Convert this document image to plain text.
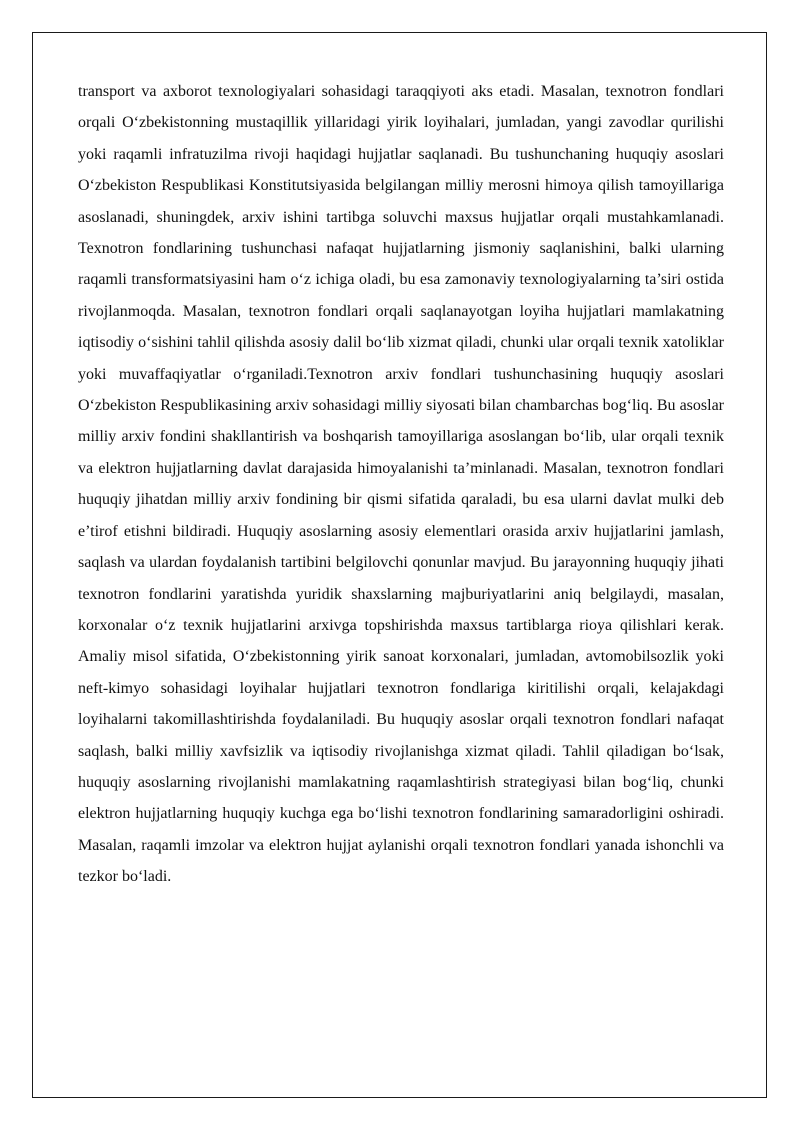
transport va axborot texnologiyalari sohasidagi taraqqiyoti aks etadi. Masalan, texnotron fondlari orqali O‘zbekistonning mustaqillik yillaridagi yirik loyihalari, jumladan, yangi zavodlar qurilishi yoki raqamli infratuzilma rivoji haqidagi hujjatlar saqlanadi. Bu tushunchaning huquqiy asoslari O‘zbekiston Respublikasi Konstitutsiyasida belgilangan milliy merosni himoya qilish tamoyillariga asoslanadi, shuningdek, arxiv ishini tartibga soluvchi maxsus hujjatlar orqali mustahkamlanadi. Texnotron fondlarining tushunchasi nafaqat hujjatlarning jismoniy saqlanishini, balki ularning raqamli transformatsiyasini ham o‘z ichiga oladi, bu esa zamonaviy texnologiyalarning ta’siri ostida rivojlanmoqda. Masalan, texnotron fondlari orqali saqlanayotgan loyiha hujjatlari mamlakatning iqtisodiy o‘sishini tahlil qilishda asosiy dalil bo‘lib xizmat qiladi, chunki ular orqali texnik xatoliklar yoki muvaffaqiyatlar o‘rganiladi.Texnotron arxiv fondlari tushunchasining huquqiy asoslari O‘zbekiston Respublikasining arxiv sohasidagi milliy siyosati bilan chambarchas bog‘liq. Bu asoslar milliy arxiv fondini shakllantirish va boshqarish tamoyillariga asoslangan bo‘lib, ular orqali texnik va elektron hujjatlarning davlat darajasida himoyalanishi ta’minlanadi. Masalan, texnotron fondlari huquqiy jihatdan milliy arxiv fondining bir qismi sifatida qaraladi, bu esa ularni davlat mulki deb e’tirof etishni bildiradi. Huquqiy asoslarning asosiy elementlari orasida arxiv hujjatlarini jamlash, saqlash va ulardan foydalanish tartibini belgilovchi qonunlar mavjud. Bu jarayonning huquqiy jihati texnotron fondlarini yaratishda yuridik shaxslarning majburiyatlarini aniq belgilaydi, masalan, korxonalar o‘z texnik hujjatlarini arxivga topshirishda maxsus tartiblarga rioya qilishlari kerak. Amaliy misol sifatida, O‘zbekistonning yirik sanoat korxonalari, jumladan, avtomobilsozlik yoki neft-kimyo sohasidagi loyihalar hujjatlari texnotron fondlariga kiritilishi orqali, kelajakdagi loyihalarni takomillashtirishda foydalaniladi. Bu huquqiy asoslar orqali texnotron fondlari nafaqat saqlash, balki milliy xavfsizlik va iqtisodiy rivojlanishga xizmat qiladi. Tahlil qiladigan bo‘lsak, huquqiy asoslarning rivojlanishi mamlakatning raqamlashtirish strategiyasi bilan bog‘liq, chunki elektron hujjatlarning huquqiy kuchga ega bo‘lishi texnotron fondlarining samaradorligini oshiradi. Masalan, raqamli imzolar va elektron hujjat aylanishi orqali texnotron fondlari yanada ishonchli va tezkor bo‘ladi.
